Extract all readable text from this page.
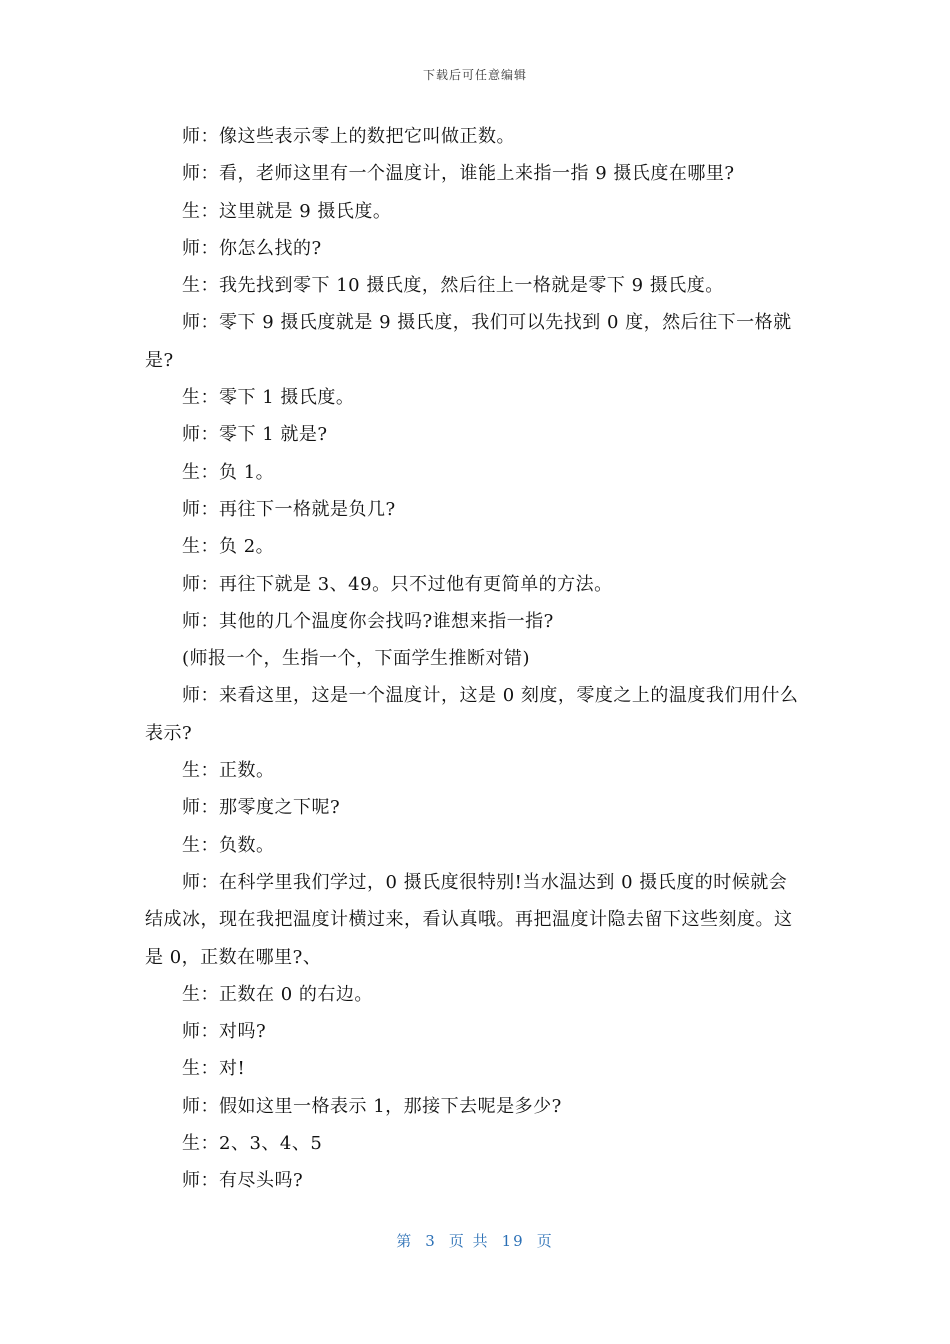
下载后可任意编辑

师：像这些表示零上的数把它叫做正数。

师：看，老师这里有一个温度计，谁能上来指一指 9 摄氏度在哪里?

生：这里就是 9 摄氏度。

师：你怎么找的?

生：我先找到零下 10 摄氏度，然后往上一格就是零下 9 摄氏度。

师：零下 9 摄氏度就是 9 摄氏度，我们可以先找到 0 度，然后往下一格就是?

生：零下 1 摄氏度。

师：零下 1 就是?

生：负 1。

师：再往下一格就是负几?

生：负 2。

师：再往下就是 3、49。只不过他有更简单的方法。

师：其他的几个温度你会找吗?谁想来指一指?

(师报一个，生指一个，下面学生推断对错)

师：来看这里，这是一个温度计，这是 0 刻度，零度之上的温度我们用什么表示?

生：正数。

师：那零度之下呢?

生：负数。

师：在科学里我们学过，0 摄氏度很特别!当水温达到 0 摄氏度的时候就会结成冰，现在我把温度计横过来，看认真哦。再把温度计隐去留下这些刻度。这是 0，正数在哪里?、

生：正数在 0 的右边。

师：对吗?

生：对!

师：假如这里一格表示 1，那接下去呢是多少?

生：2、3、4、5

师：有尽头吗?

第 3 页 共 19 页
